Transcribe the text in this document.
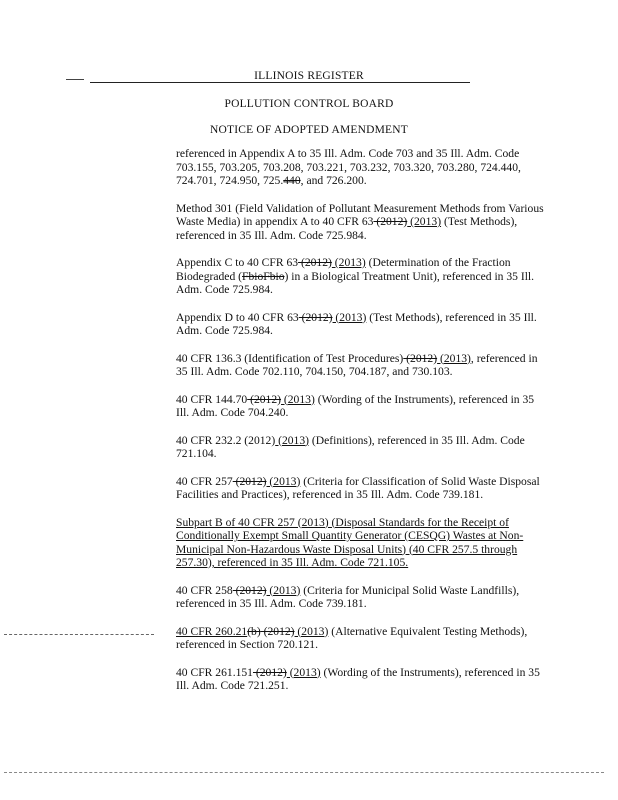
ILLINOIS REGISTER
POLLUTION CONTROL BOARD
NOTICE OF ADOPTED AMENDMENT

referenced in Appendix A to 35 Ill. Adm. Code 703 and 35 Ill. Adm. Code 703.155, 703.205, 703.208, 703.221, 703.232, 703.320, 703.280, 724.440, 724.701, 724.950, 725.440, and 726.200.

Method 301 (Field Validation of Pollutant Measurement Methods from Various Waste Media) in appendix A to 40 CFR 63 (2012) (2013) (Test Methods), referenced in 35 Ill. Adm. Code 725.984.

Appendix C to 40 CFR 63 (2012) (2013) (Determination of the Fraction Biodegraded (FbioFbio) in a Biological Treatment Unit), referenced in 35 Ill. Adm. Code 725.984.

Appendix D to 40 CFR 63 (2012) (2013) (Test Methods), referenced in 35 Ill. Adm. Code 725.984.

40 CFR 136.3 (Identification of Test Procedures) (2012) (2013), referenced in 35 Ill. Adm. Code 702.110, 704.150, 704.187, and 730.103.

40 CFR 144.70 (2012) (2013) (Wording of the Instruments), referenced in 35 Ill. Adm. Code 704.240.

40 CFR 232.2 (2012) (2013) (Definitions), referenced in 35 Ill. Adm. Code 721.104.

40 CFR 257 (2012) (2013) (Criteria for Classification of Solid Waste Disposal Facilities and Practices), referenced in 35 Ill. Adm. Code 739.181.

Subpart B of 40 CFR 257 (2013) (Disposal Standards for the Receipt of Conditionally Exempt Small Quantity Generator (CESQG) Wastes at Non-Municipal Non-Hazardous Waste Disposal Units) (40 CFR 257.5 through 257.30), referenced in 35 Ill. Adm. Code 721.105.

40 CFR 258 (2012) (2013) (Criteria for Municipal Solid Waste Landfills), referenced in 35 Ill. Adm. Code 739.181.

40 CFR 260.21(b) (2012) (2013) (Alternative Equivalent Testing Methods), referenced in Section 720.121.

40 CFR 261.151 (2012) (2013) (Wording of the Instruments), referenced in 35 Ill. Adm. Code 721.251.
